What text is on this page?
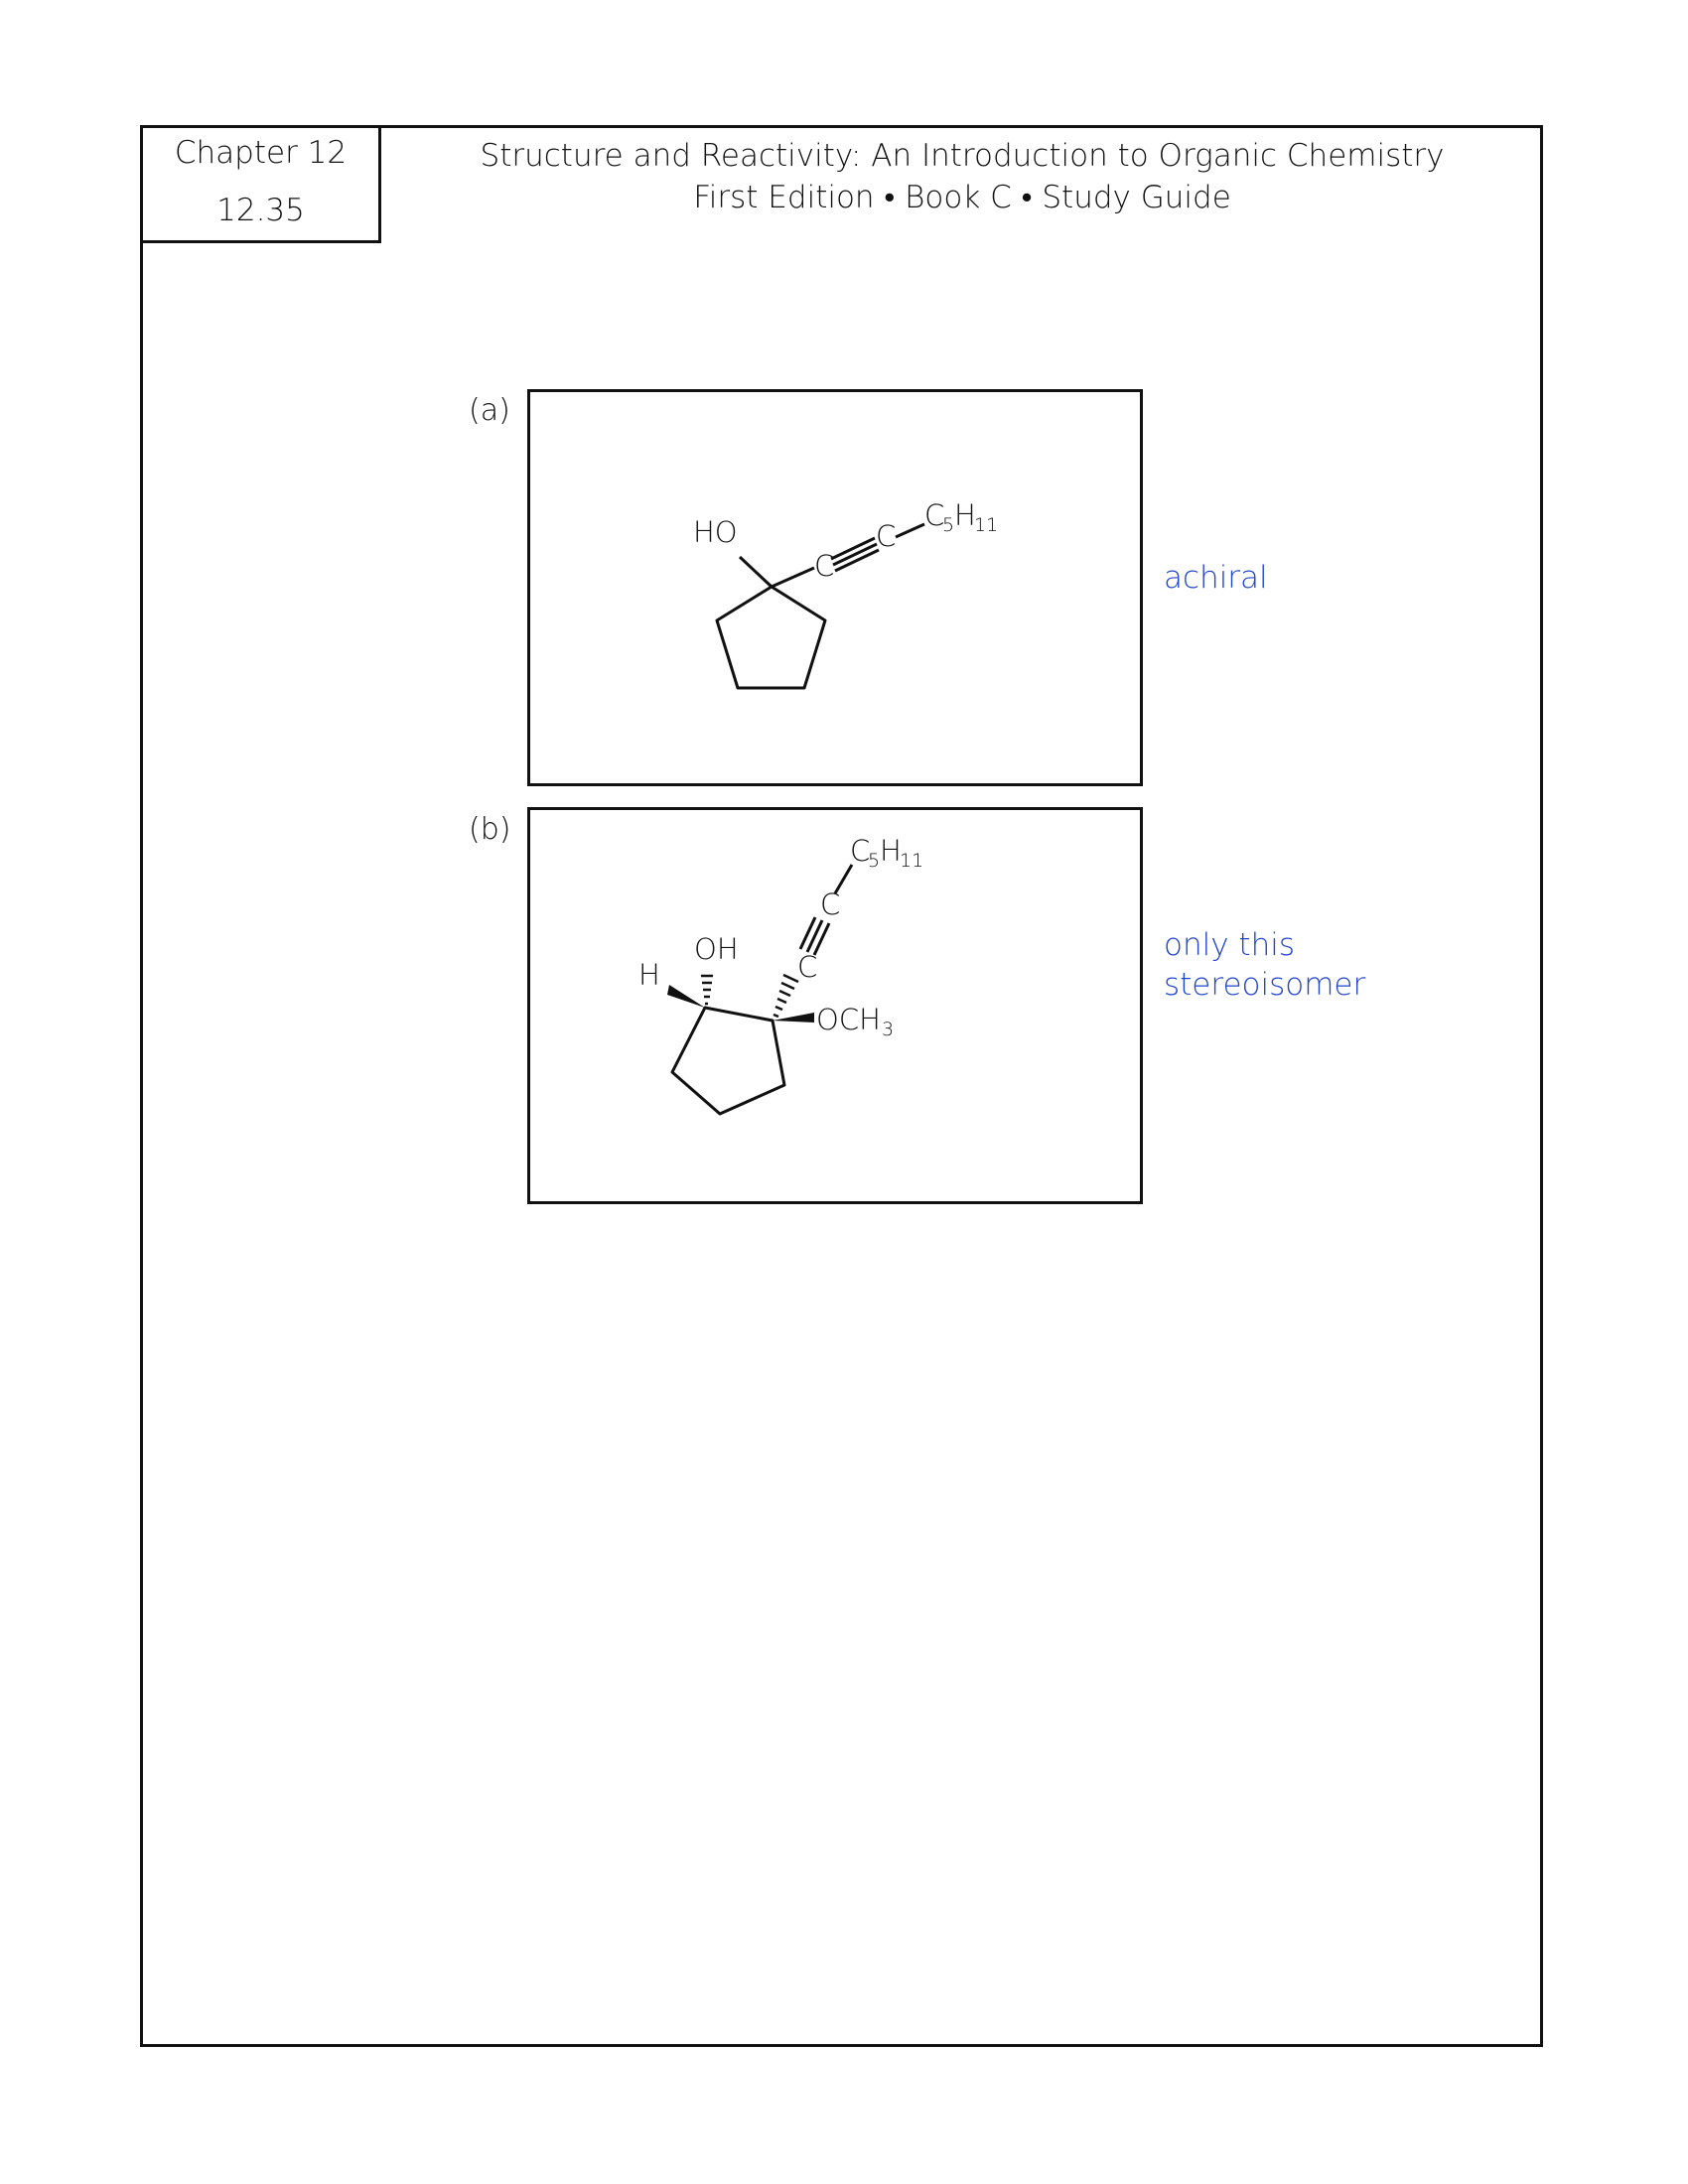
Chapter 12
12.35
Structure and Reactivity: An Introduction to Organic Chemistry
First Edition • Book C • Study Guide
(a)
HO
C
C
C
5 H
11
achiral
(b)
H
OH
OCH 3
C
C
C
5 H
11
only this
stereoisomer
